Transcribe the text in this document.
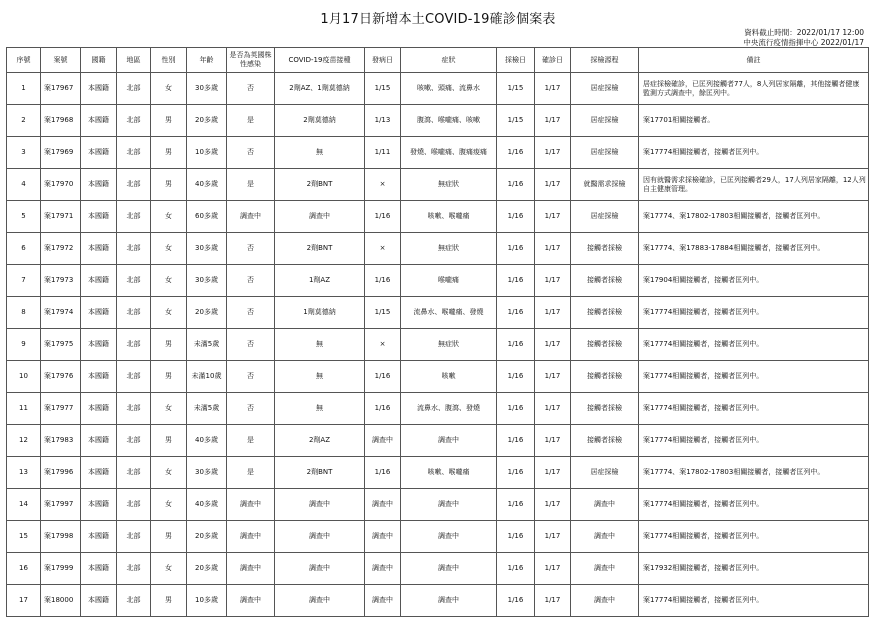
1月17日新增本土COVID-19確診個案表
資料截止時間：2022/01/17 12:00
中央流行疫情指揮中心 2022/01/17
序號	案號	國籍	地區	性別	年齡	是否為英國株性感染	COVID-19疫苗接種	發病日	症狀	採檢日	確診日	採檢源程	備註
1	案17967	本國籍	北部	女	30多歲	否	2劑AZ、1劑莫德納	1/15	咳嗽、頭痛、流鼻水	1/15	1/17	居症採檢	居症採檢確診，已匡列接觸者77人，8人列居家隔離，其他接觸者健康監測方式調查中，餘匡列中。
2	案17968	本國籍	北部	男	20多歲	是	2劑莫德納	1/13	腹瀉、喉嚨痛、咳嗽	1/15	1/17	居症採檢	案17701相關接觸者。
3	案17969	本國籍	北部	男	10多歲	否	無	1/11	發燒、喉嚨痛、腹痛痠痛	1/16	1/17	居症採檢	案17774相關接觸者，接觸者匡列中。
4	案17970	本國籍	北部	男	40多歲	是	2劑BNT	×	無症狀	1/16	1/17	就醫需求採檢	因有就醫需求採檢確診，已匡列接觸者29人，17人列居家隔離，12人列自主健康管理。
5	案17971	本國籍	北部	女	60多歲	調查中	調查中	1/16	咳嗽、喉嚨痛	1/16	1/17	居症採檢	案17774、案17802-17803相關接觸者，接觸者匡列中。
6	案17972	本國籍	北部	女	30多歲	否	2劑BNT	×	無症狀	1/16	1/17	接觸者採檢	案17774、案17883-17884相關接觸者，接觸者匡列中。
7	案17973	本國籍	北部	女	30多歲	否	1劑AZ	1/16	喉嚨痛	1/16	1/17	接觸者採檢	案17904相關接觸者，接觸者匡列中。
8	案17974	本國籍	北部	女	20多歲	否	1劑莫德納	1/15	流鼻水、喉嚨痛、發燒	1/16	1/17	接觸者採檢	案17774相關接觸者，接觸者匡列中。
9	案17975	本國籍	北部	男	未滿5歲	否	無	×	無症狀	1/16	1/17	接觸者採檢	案17774相關接觸者，接觸者匡列中。
10	案17976	本國籍	北部	男	未滿10歲	否	無	1/16	咳嗽	1/16	1/17	接觸者採檢	案17774相關接觸者，接觸者匡列中。
11	案17977	本國籍	北部	女	未滿5歲	否	無	1/16	流鼻水、腹瀉、發燒	1/16	1/17	接觸者採檢	案17774相關接觸者，接觸者匡列中。
12	案17983	本國籍	北部	男	40多歲	是	2劑AZ	調查中	調查中	1/16	1/17	接觸者採檢	案17774相關接觸者，接觸者匡列中。
13	案17996	本國籍	北部	女	30多歲	是	2劑BNT	1/16	咳嗽、喉嚨痛	1/16	1/17	居症採檢	案17774、案17802-17803相關接觸者，接觸者匡列中。
14	案17997	本國籍	北部	女	40多歲	調查中	調查中	調查中	調查中	1/16	1/17	調查中	案17774相關接觸者，接觸者匡列中。
15	案17998	本國籍	北部	男	20多歲	調查中	調查中	調查中	調查中	1/16	1/17	調查中	案17774相關接觸者，接觸者匡列中。
16	案17999	本國籍	北部	女	20多歲	調查中	調查中	調查中	調查中	1/16	1/17	調查中	案17932相關接觸者，接觸者匡列中。
17	案18000	本國籍	北部	男	10多歲	調查中	調查中	調查中	調查中	1/16	1/17	調查中	案17774相關接觸者，接觸者匡列中。
